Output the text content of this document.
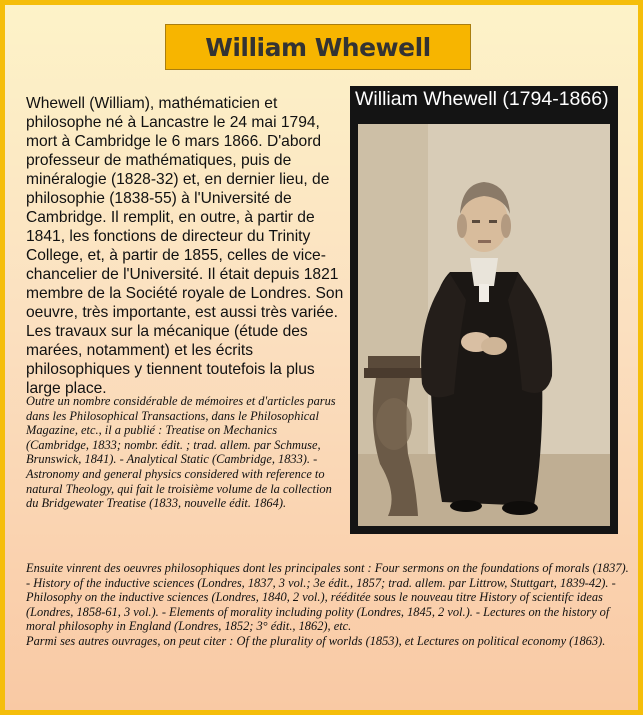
William Whewell
Whewell (William), mathématicien et philosophe né à Lancastre le 24 mai 1794, mort à Cambridge le 6 mars 1866. D'abord professeur de mathématiques, puis de minéralogie (1828-32) et, en dernier lieu, de philosophie (1838-55) à l'Université de Cambridge. Il remplit, en outre, à partir de 1841, les fonctions de directeur du Trinity College, et, à partir de 1855, celles de vice-chancelier de l'Université. Il était depuis 1821 membre de la Société royale de Londres. Son oeuvre, très importante, est aussi très variée. Les travaux sur la mécanique (étude des marées, notamment) et les écrits philosophiques y tiennent toutefois la plus large place.
William Whewell (1794-1866)
Outre un nombre considérable de mémoires et d'articles parus dans les Philosophical Transactions, dans le Philosophical Magazine, etc., il a publié : Treatise on Mechanics (Cambridge, 1833; nombr. édit. ; trad. allem. par Schmuse, Brunswick, 1841). - Analytical Static (Cambridge, 1833). - Astronomy and general physics considered with reference to natural Theology, qui fait le troisième volume de la collection du Bridgewater Treatise (1833, nouvelle édit. 1864).

Ensuite vinrent des oeuvres philosophiques dont les principales sont : Four sermons on the foundations of morals (1837). - History of the inductive sciences (Londres, 1837, 3 vol.; 3e édit., 1857; trad. allem. par Littrow, Stuttgart, 1839-42). - Philosophy on the inductive sciences (Londres, 1840, 2 vol.), rééditée sous le nouveau titre History of scientifc ideas (Londres, 1858-61, 3 vol.). - Elements of morality including polity (Londres, 1845, 2 vol.). - Lectures on the history of moral philosophy in England (Londres, 1852; 3° édit., 1862), etc.

Parmi ses autres ouvrages, on peut citer : Of the plurality of worlds (1853), et Lectures on political economy (1863).
